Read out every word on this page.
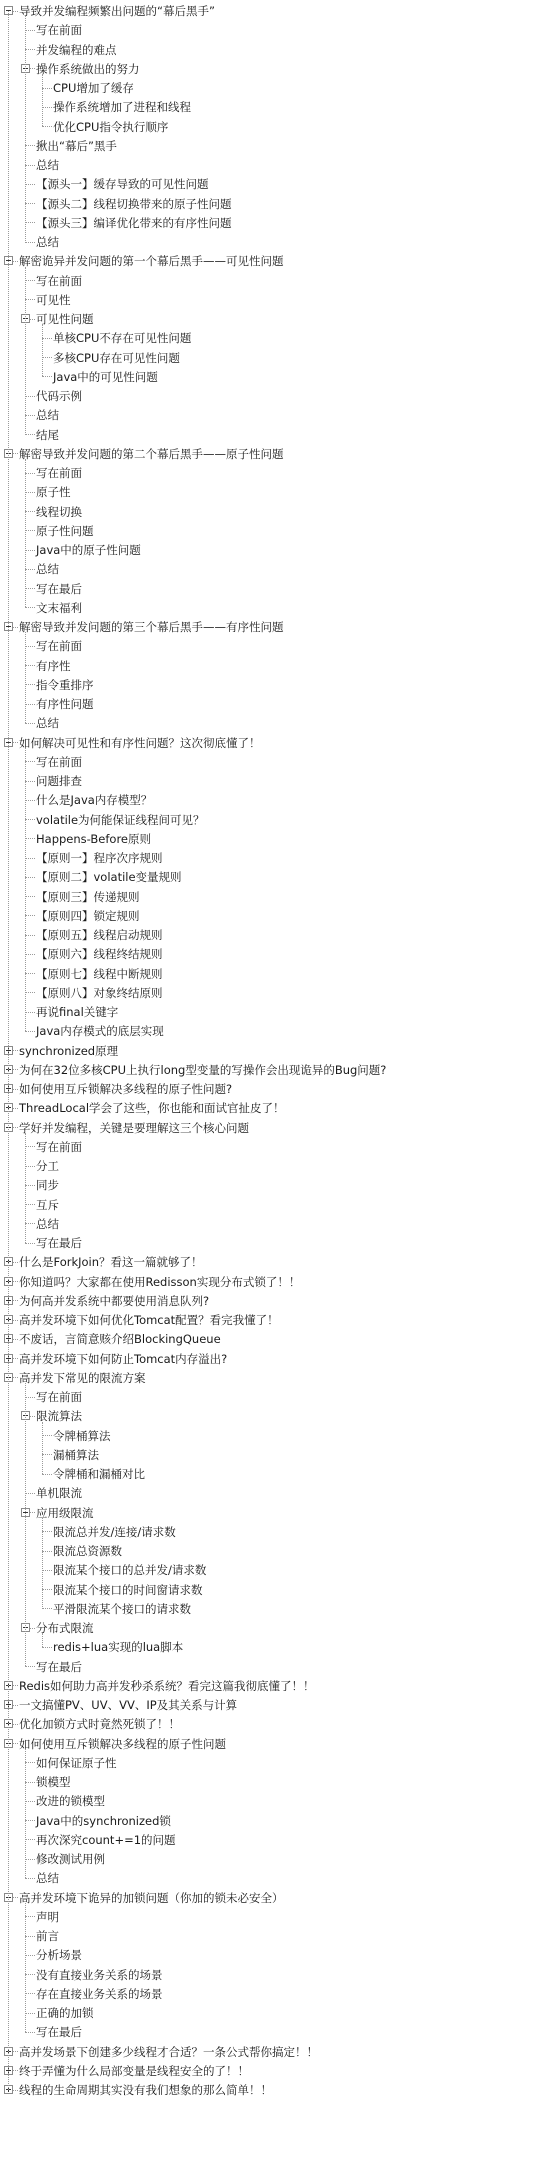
导致并发编程频繁出问题的“幕后黑手”
写在前面
并发编程的难点
操作系统做出的努力
CPU增加了缓存
操作系统增加了进程和线程
优化CPU指令执行顺序
揪出“幕后”黑手
总结
【源头一】缓存导致的可见性问题
【源头二】线程切换带来的原子性问题
【源头三】编译优化带来的有序性问题
总结
解密诡异并发问题的第一个幕后黑手——可见性问题
写在前面
可见性
可见性问题
单核CPU不存在可见性问题
多核CPU存在可见性问题
Java中的可见性问题
代码示例
总结
结尾
解密导致并发问题的第二个幕后黑手——原子性问题
写在前面
原子性
线程切换
原子性问题
Java中的原子性问题
总结
写在最后
文末福利
解密导致并发问题的第三个幕后黑手——有序性问题
写在前面
有序性
指令重排序
有序性问题
总结
如何解决可见性和有序性问题？这次彻底懂了！
写在前面
问题排查
什么是Java内存模型？
volatile为何能保证线程间可见？
Happens-Before原则
【原则一】程序次序规则
【原则二】volatile变量规则
【原则三】传递规则
【原则四】锁定规则
【原则五】线程启动规则
【原则六】线程终结规则
【原则七】线程中断规则
【原则八】对象终结原则
再说final关键字
Java内存模式的底层实现
synchronized原理
为何在32位多核CPU上执行long型变量的写操作会出现诡异的Bug问题?
如何使用互斥锁解决多线程的原子性问题?
ThreadLocal学会了这些，你也能和面试官扯皮了！
学好并发编程，关键是要理解这三个核心问题
写在前面
分工
同步
互斥
总结
写在最后
什么是ForkJoin？看这一篇就够了！
你知道吗？大家都在使用Redisson实现分布式锁了！！
为何高并发系统中都要使用消息队列?
高并发环境下如何优化Tomcat配置？看完我懂了！
不废话，言简意赅介绍BlockingQueue
高并发环境下如何防止Tomcat内存溢出?
高并发下常见的限流方案
写在前面
限流算法
令牌桶算法
漏桶算法
令牌桶和漏桶对比
单机限流
应用级限流
限流总并发/连接/请求数
限流总资源数
限流某个接口的总并发/请求数
限流某个接口的时间窗请求数
平滑限流某个接口的请求数
分布式限流
redis+lua实现的lua脚本
写在最后
Redis如何助力高并发秒杀系统？看完这篇我彻底懂了！！
一文搞懂PV、UV、VV、IP及其关系与计算
优化加锁方式时竟然死锁了！！
如何使用互斥锁解决多线程的原子性问题
如何保证原子性
锁模型
改进的锁模型
Java中的synchronized锁
再次深究count+=1的问题
修改测试用例
总结
高并发环境下诡异的加锁问题（你加的锁未必安全）
声明
前言
分析场景
没有直接业务关系的场景
存在直接业务关系的场景
正确的加锁
写在最后
高并发场景下创建多少线程才合适？一条公式帮你搞定！！
终于弄懂为什么局部变量是线程安全的了！！
线程的生命周期其实没有我们想象的那么简单！！
